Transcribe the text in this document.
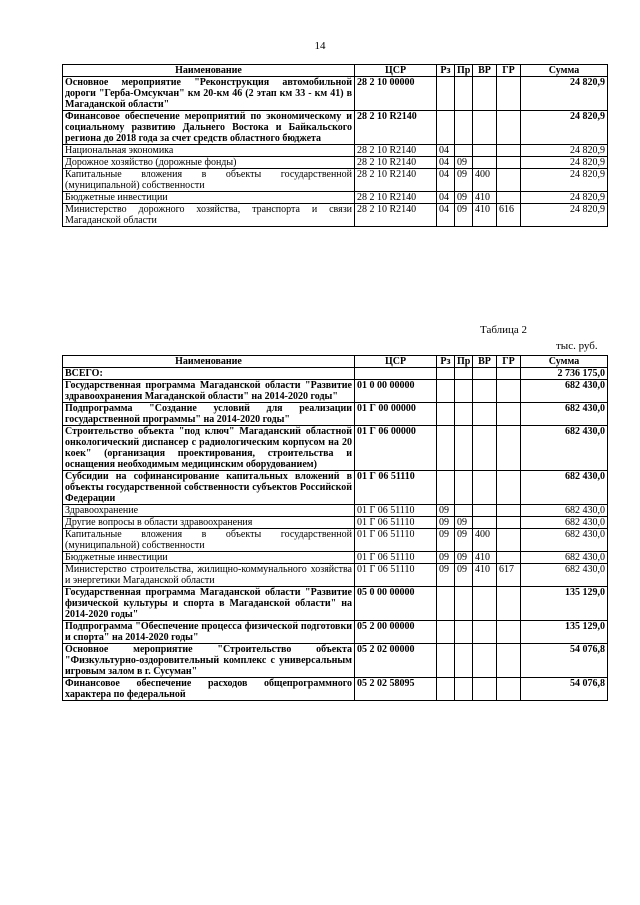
14
Наименование	ЦСР	Рз	Пр	ВР	ГР	Сумма
Основное мероприятие "Реконструкция автомобильной дороги "Герба-Омсукчан" км 20-км 46 (2 этап км 33 - км 41) в Магаданской области"	28 2 10 00000					24 820,9
Финансовое обеспечение мероприятий по экономическому и социальному развитию Дальнего Востока и Байкальского региона до 2018 года за счет средств областного бюджета	28 2 10 R2140					24 820,9
Национальная экономика	28 2 10 R2140	04				24 820,9
Дорожное хозяйство (дорожные фонды)	28 2 10 R2140	04	09			24 820,9
Капитальные вложения в объекты государственной (муниципальной) собственности	28 2 10 R2140	04	09	400		24 820,9
Бюджетные инвестиции	28 2 10 R2140	04	09	410		24 820,9
Министерство дорожного хозяйства, транспорта и связи Магаданской области	28 2 10 R2140	04	09	410	616	24 820,9
Таблица 2
тыс. руб.
Наименование	ЦСР	Рз	Пр	ВР	ГР	Сумма
ВСЕГО:						2 736 175,0
Государственная программа Магаданской области "Развитие здравоохранения Магаданской области" на 2014-2020 годы"	01 0 00 00000					682 430,0
Подпрограмма "Создание условий для реализации государственной программы" на 2014-2020 годы"	01 Г 00 00000					682 430,0
Строительство объекта "под ключ" Магаданский областной онкологический диспансер с радиологическим корпусом на 20 коек" (организация проектирования, строительства и оснащения необходимым медицинским оборудованием)	01 Г 06 00000					682 430,0
Субсидии на софинансирование капитальных вложений в объекты государственной собственности субъектов Российской Федерации	01 Г 06 51110					682 430,0
Здравоохранение	01 Г 06 51110	09				682 430,0
Другие вопросы в области здравоохранения	01 Г 06 51110	09	09			682 430,0
Капитальные вложения в объекты государственной (муниципальной) собственности	01 Г 06 51110	09	09	400		682 430,0
Бюджетные инвестиции	01 Г 06 51110	09	09	410		682 430,0
Министерство строительства, жилищно-коммунального хозяйства и энергетики Магаданской области	01 Г 06 51110	09	09	410	617	682 430,0
Государственная программа Магаданской области "Развитие физической культуры и спорта в Магаданской области" на 2014-2020 годы"	05 0 00 00000					135 129,0
Подпрограмма "Обеспечение процесса физической подготовки и спорта" на 2014-2020 годы"	05 2 00 00000					135 129,0
Основное мероприятие "Строительство объекта "Физкультурно-оздоровительный комплекс с универсальным игровым залом в г. Сусуман"	05 2 02 00000					54 076,8
Финансовое обеспечение расходов общепрограммного характера по федеральной	05 2 02 58095					54 076,8
